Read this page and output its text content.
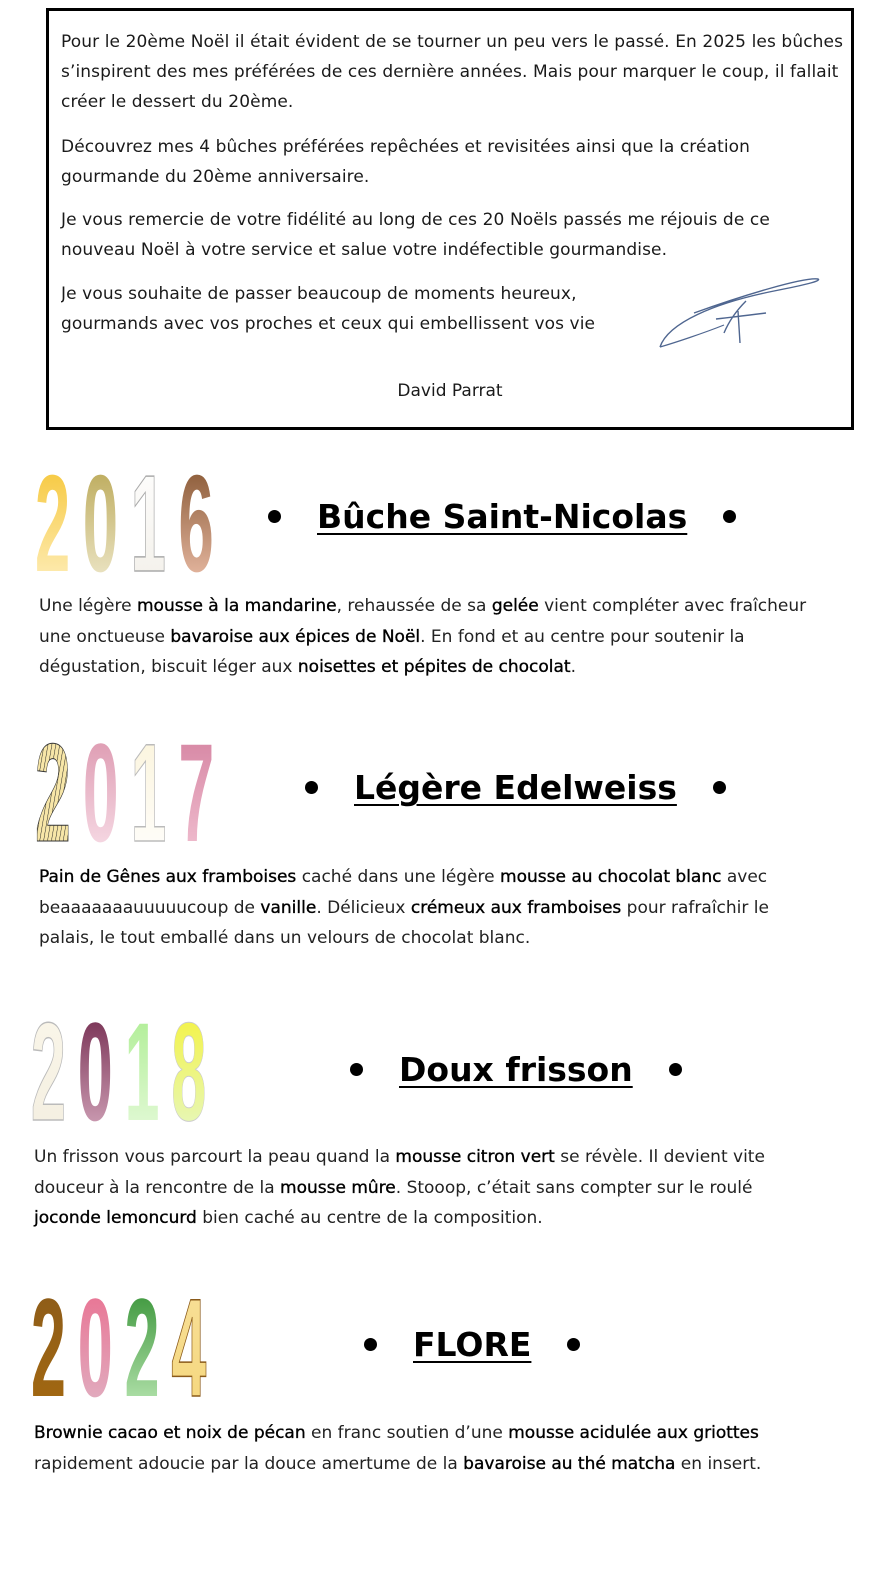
Pour le 20ème Noël il était évident de se tourner un peu vers le passé. En 2025 les bûches s’inspirent des mes préférées de ces dernière années. Mais pour marquer le coup, il fallait créer le dessert du 20ème.

Découvrez mes 4 bûches préférées repêchées et revisitées ainsi que la création gourmande du 20ème anniversaire.

Je vous remercie de votre fidélité au long de ces 20 Noëls passés me réjouis de ce nouveau Noël à votre service et salue votre indéfectible gourmandise.

Je vous souhaite de passer beaucoup de moments heureux,
gourmands avec vos proches et ceux qui embellissent vos vie

David Parrat
2 0 1 6	Bûche Saint-Nicolas

Une légère mousse à la mandarine, rehaussée de sa gelée vient compléter avec fraîcheur une onctueuse bavaroise aux épices de Noël. En fond et au centre pour soutenir la dégustation, biscuit léger aux noisettes et pépites de chocolat.

2 0 1 7	Légère Edelweiss

Pain de Gênes aux framboises caché dans une légère mousse au chocolat blanc avec beaaaaaaauuuuucoup de vanille. Délicieux crémeux aux framboises pour rafraîchir le palais, le tout emballé dans un velours de chocolat blanc.

2 0 1 8	Doux frisson

Un frisson vous parcourt la peau quand la mousse citron vert se révèle. Il devient vite douceur à la rencontre de la mousse mûre. Stooop, c’était sans compter sur le roulé joconde lemoncurd bien caché au centre de la composition.

2 0 2 4	FLORE

Brownie cacao et noix de pécan en franc soutien d’une mousse acidulée aux griottes rapidement adoucie par la douce amertume de la bavaroise au thé matcha en insert.
